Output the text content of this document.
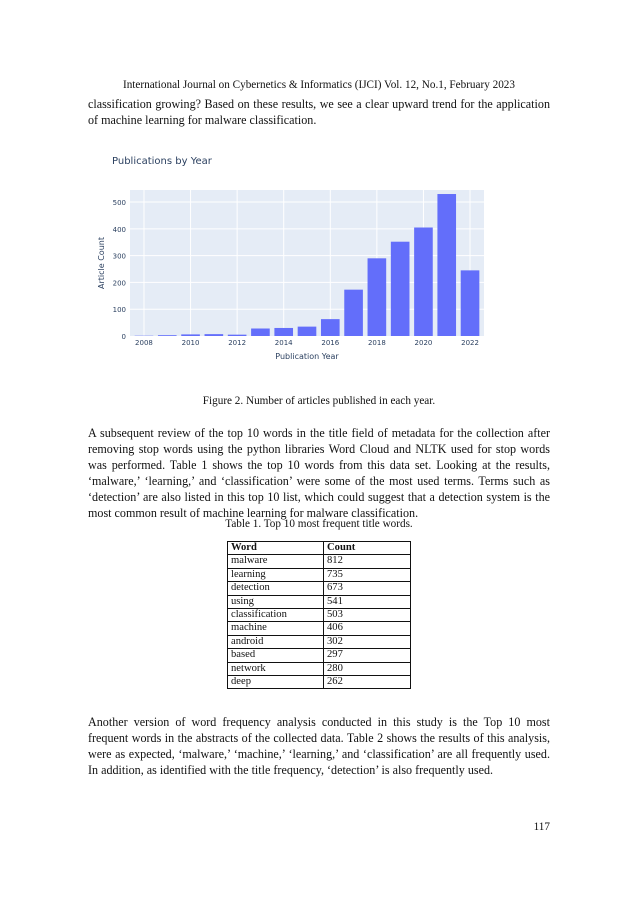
International Journal on Cybernetics & Informatics (IJCI) Vol. 12, No.1, February 2023

classification growing? Based on these results, we see a clear upward trend for the application of machine learning for malware classification.

Publications by Year
0
100
200
300
400
500
2008	2010	2012	2014	2016	2018	2020	2022
Publication Year
Article Count
Figure 2. Number of articles published in each year.

A subsequent review of the top 10 words in the title field of metadata for the collection after removing stop words using the python libraries Word Cloud and NLTK used for stop words was performed. Table 1 shows the top 10 words from this data set. Looking at the results, ‘malware,’ ‘learning,’ and ‘classification’ were some of the most used terms. Terms such as ‘detection’ are also listed in this top 10 list, which could suggest that a detection system is the most common result of machine learning for malware classification.

Table 1. Top 10 most frequent title words.
Word	Count
malware	812
learning	735
detection	673
using	541
classification	503
machine	406
android	302
based	297
network	280
deep	262

Another version of word frequency analysis conducted in this study is the Top 10 most frequent words in the abstracts of the collected data. Table 2 shows the results of this analysis, were as expected, ‘malware,’ ‘machine,’ ‘learning,’ and ‘classification’ are all frequently used. In addition, as identified with the title frequency, ‘detection’ is also frequently used.

117
